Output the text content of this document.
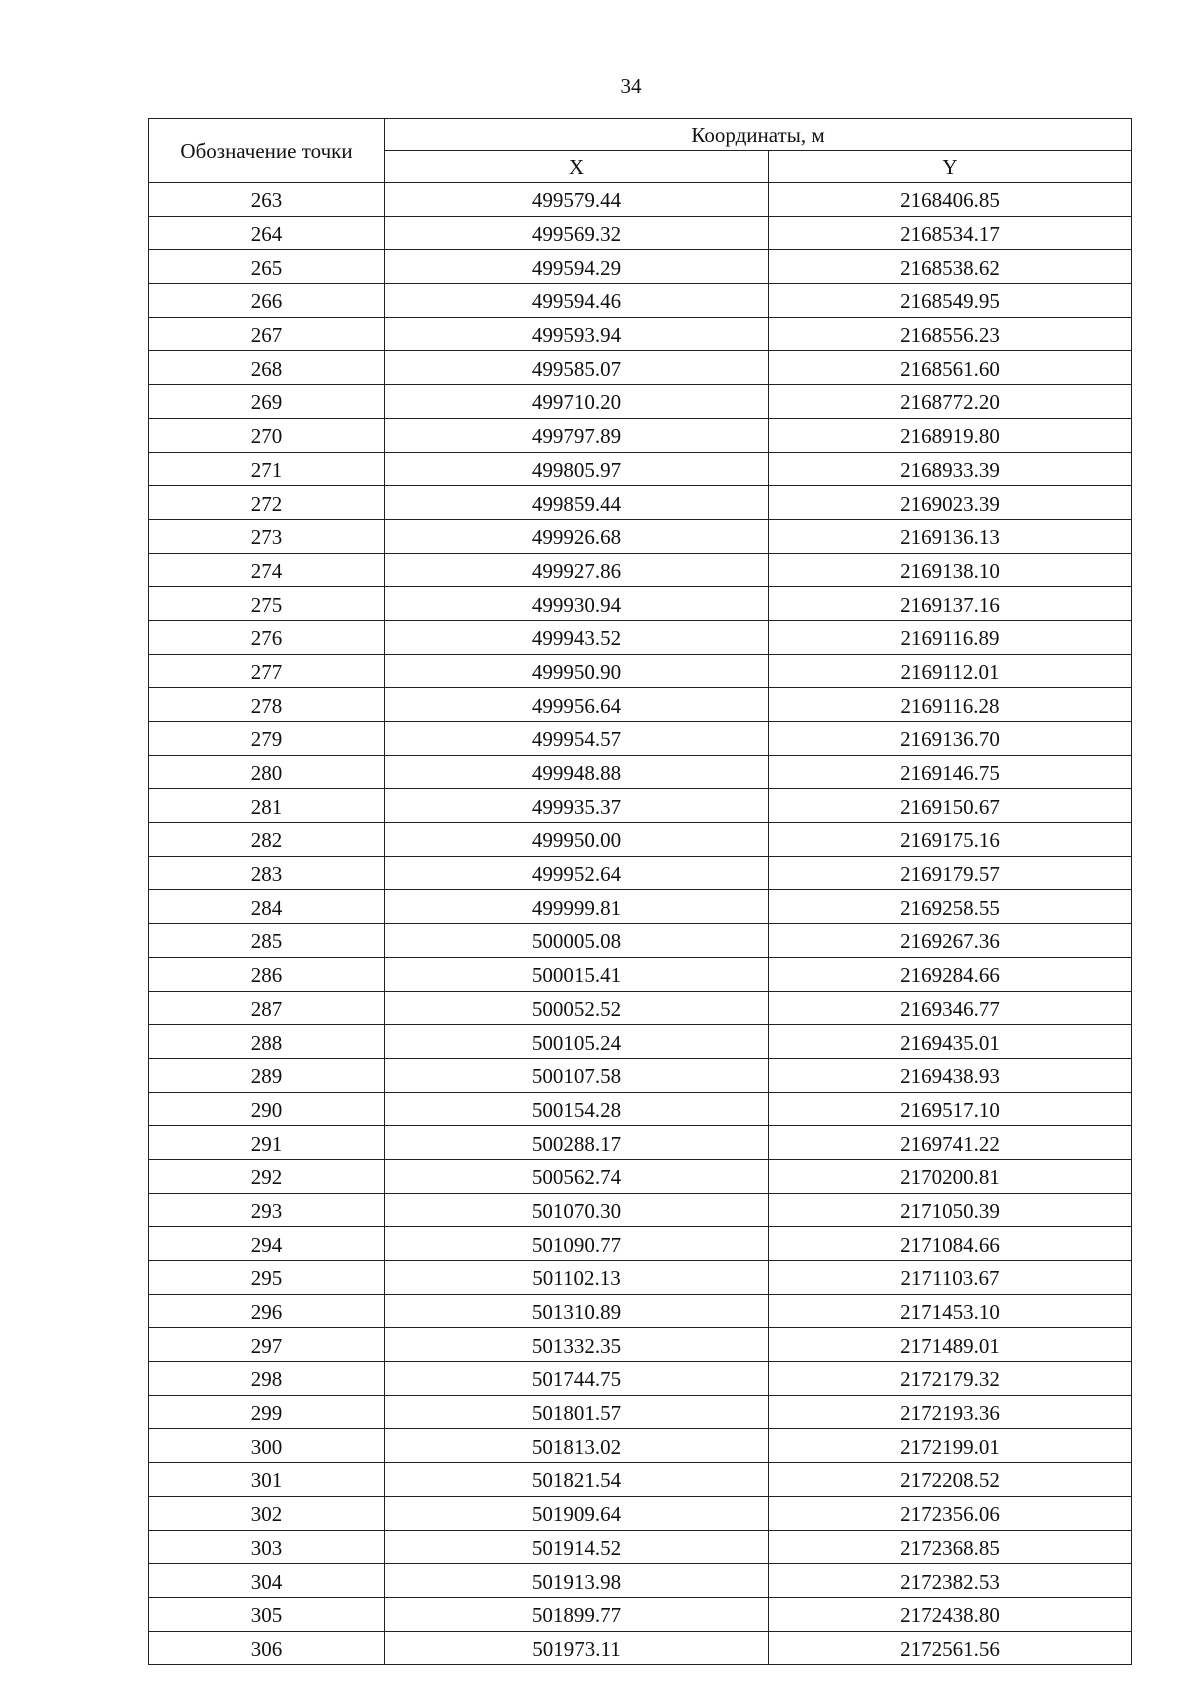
34
Обозначение точки	Координаты, м	
	X	Y
263	499579.44	2168406.85
264	499569.32	2168534.17
265	499594.29	2168538.62
266	499594.46	2168549.95
267	499593.94	2168556.23
268	499585.07	2168561.60
269	499710.20	2168772.20
270	499797.89	2168919.80
271	499805.97	2168933.39
272	499859.44	2169023.39
273	499926.68	2169136.13
274	499927.86	2169138.10
275	499930.94	2169137.16
276	499943.52	2169116.89
277	499950.90	2169112.01
278	499956.64	2169116.28
279	499954.57	2169136.70
280	499948.88	2169146.75
281	499935.37	2169150.67
282	499950.00	2169175.16
283	499952.64	2169179.57
284	499999.81	2169258.55
285	500005.08	2169267.36
286	500015.41	2169284.66
287	500052.52	2169346.77
288	500105.24	2169435.01
289	500107.58	2169438.93
290	500154.28	2169517.10
291	500288.17	2169741.22
292	500562.74	2170200.81
293	501070.30	2171050.39
294	501090.77	2171084.66
295	501102.13	2171103.67
296	501310.89	2171453.10
297	501332.35	2171489.01
298	501744.75	2172179.32
299	501801.57	2172193.36
300	501813.02	2172199.01
301	501821.54	2172208.52
302	501909.64	2172356.06
303	501914.52	2172368.85
304	501913.98	2172382.53
305	501899.77	2172438.80
306	501973.11	2172561.56
